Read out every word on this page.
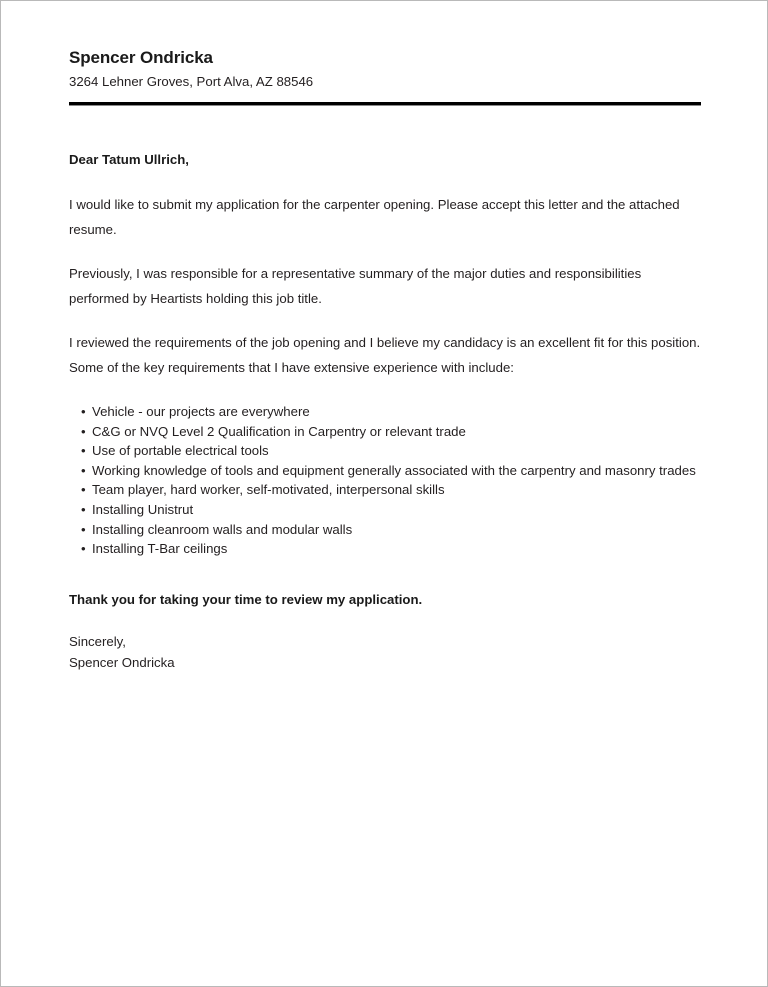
Spencer Ondricka

3264 Lehner Groves, Port Alva, AZ 88546

Dear Tatum Ullrich,

I would like to submit my application for the carpenter opening. Please accept this letter and the attached resume.

Previously, I was responsible for a representative summary of the major duties and responsibilities performed by Heartists holding this job title.

I reviewed the requirements of the job opening and I believe my candidacy is an excellent fit for this position. Some of the key requirements that I have extensive experience with include:

• Vehicle - our projects are everywhere
• C&G or NVQ Level 2 Qualification in Carpentry or relevant trade
• Use of portable electrical tools
• Working knowledge of tools and equipment generally associated with the carpentry and masonry trades
• Team player, hard worker, self-motivated, interpersonal skills
• Installing Unistrut
• Installing cleanroom walls and modular walls
• Installing T-Bar ceilings

Thank you for taking your time to review my application.

Sincerely,
Spencer Ondricka
